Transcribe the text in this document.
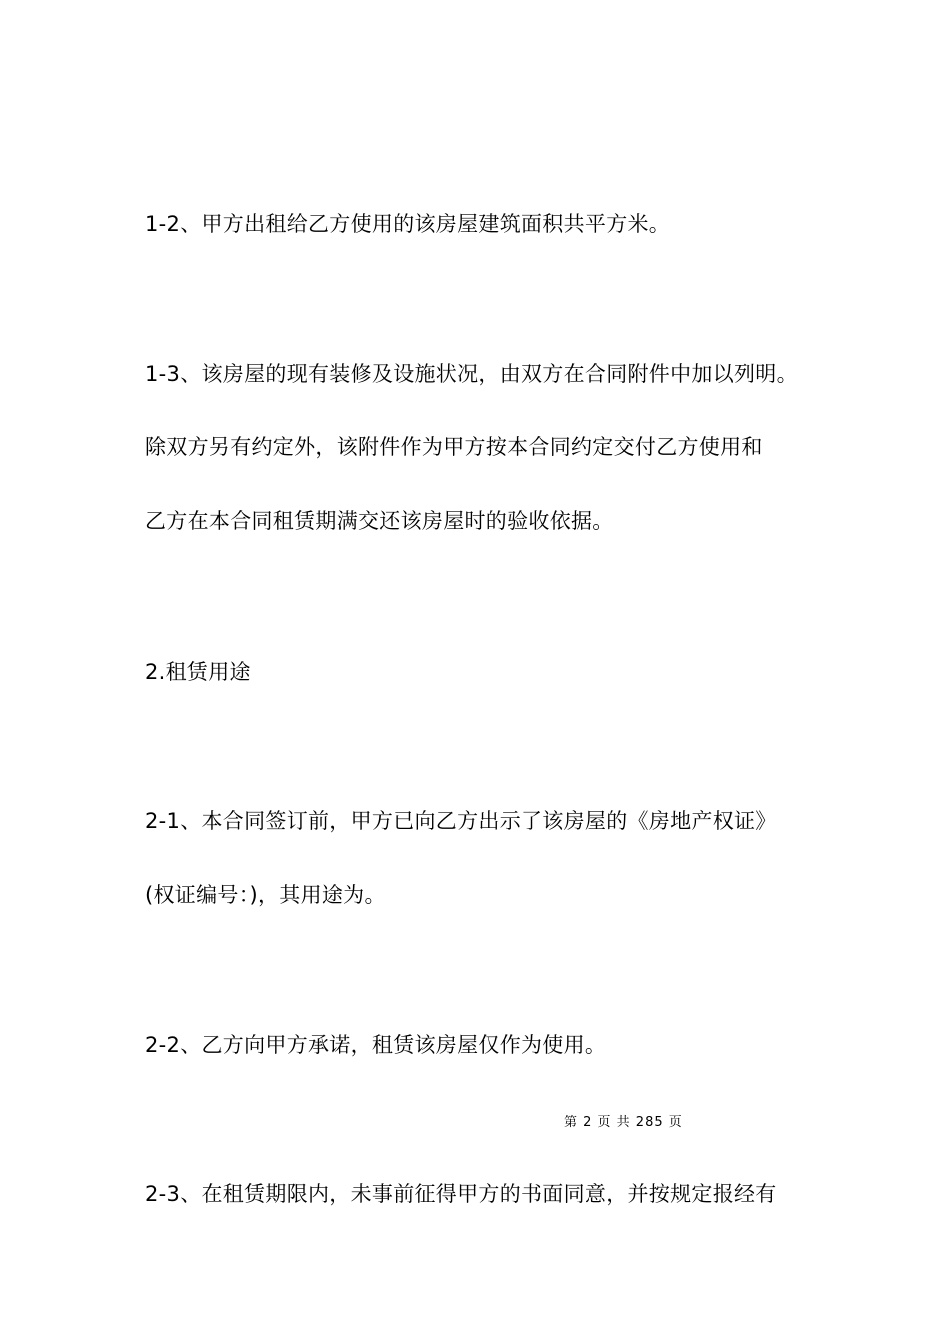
1-2、甲方出租给乙方使用的该房屋建筑面积共平方米。
1-3、该房屋的现有装修及设施状况，由双方在合同附件中加以列明。
除双方另有约定外，该附件作为甲方按本合同约定交付乙方使用和
乙方在本合同租赁期满交还该房屋时的验收依据。
2.租赁用途
2-1、本合同签订前，甲方已向乙方出示了该房屋的《房地产权证》
(权证编号：)，其用途为。
2-2、乙方向甲方承诺，租赁该房屋仅作为使用。
第 2 页 共 285 页
2-3、在租赁期限内，未事前征得甲方的书面同意，并按规定报经有
